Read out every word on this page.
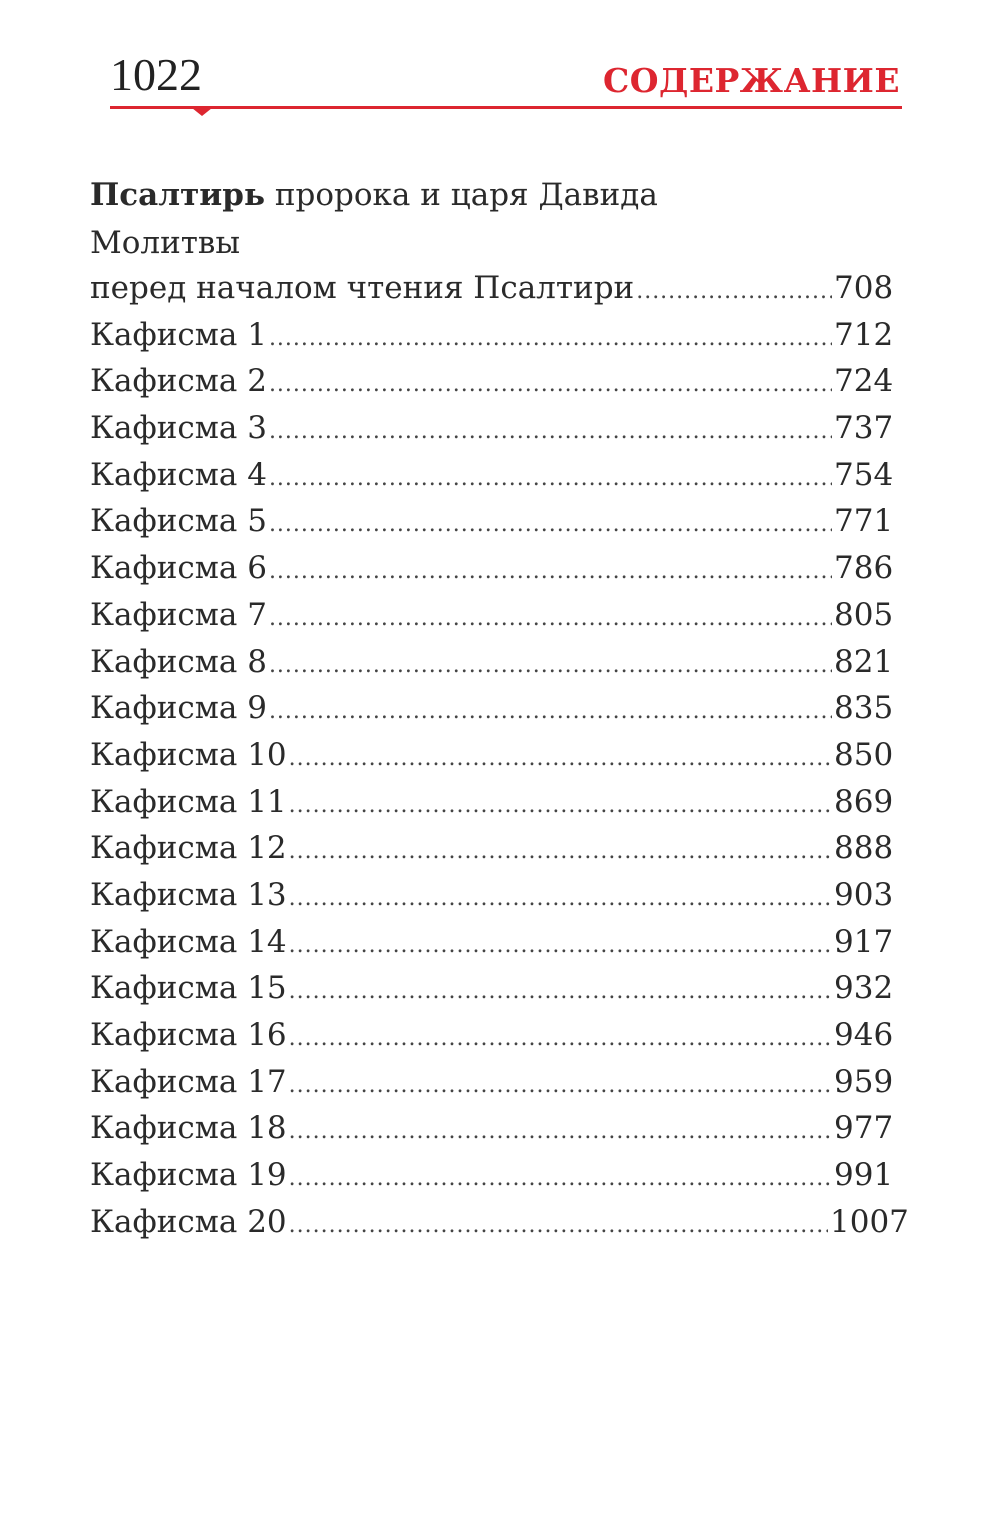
1022	СОДЕРЖАНИЕ
Псалтирь пророка и царя Давида
Молитвы
перед началом чтения Псалтири .....	708
Кафисма 1 .....	712
Кафисма 2 .....	724
Кафисма 3 .....	737
Кафисма 4 .....	754
Кафисма 5 .....	771
Кафисма 6 .....	786
Кафисма 7 .....	805
Кафисма 8 .....	821
Кафисма 9 .....	835
Кафисма 10 .....	850
Кафисма 11 .....	869
Кафисма 12 .....	888
Кафисма 13 .....	903
Кафисма 14 .....	917
Кафисма 15 .....	932
Кафисма 16 .....	946
Кафисма 17 .....	959
Кафисма 18 .....	977
Кафисма 19 .....	991
Кафисма 20 .....	1007
